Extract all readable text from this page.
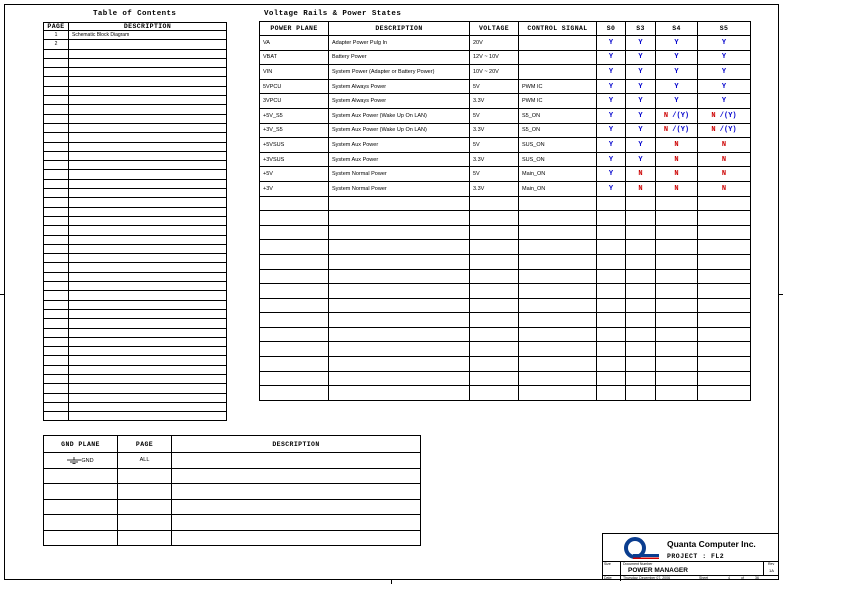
Table of Contents
PAGE	DESCRIPTION
1	Schematic Block Diagram
2	

Voltage Rails & Power States
POWER PLANE	DESCRIPTION	VOLTAGE	CONTROL SIGNAL	S0	S3	S4	S5
VA	Adapter Power Pulg In	20V		Y	Y	Y	Y
VBAT	Battery Power	12V ~ 10V		Y	Y	Y	Y
VIN	System Power (Adapter or Battery Power)	10V ~ 20V		Y	Y	Y	Y
5VPCU	System Always Power	5V	PWM IC	Y	Y	Y	Y
3VPCU	System Always Power	3.3V	PWM IC	Y	Y	Y	Y
+5V_S5	System Aux Power (Wake Up On LAN)	5V	S5_ON	Y	Y	N /(Y)	N /(Y)
+3V_S5	System Aux Power (Wake Up On LAN)	3.3V	S5_ON	Y	Y	N /(Y)	N /(Y)
+5VSUS	System Aux Power	5V	SUS_ON	Y	Y	N	N
+3VSUS	System Aux Power	3.3V	SUS_ON	Y	Y	N	N
+5V	System Normal Power	5V	Main_ON	Y	N	N	N
+3V	System Normal Power	3.3V	Main_ON	Y	N	N	N

GND PLANE	PAGE	DESCRIPTION
GND	ALL	

Quanta Computer Inc.
PROJECT : FL2
Size	Document Number	Rev
POWER MANAGER	1A
Date:	Thursday, December 07, 2006	Sheet	4	of	36
